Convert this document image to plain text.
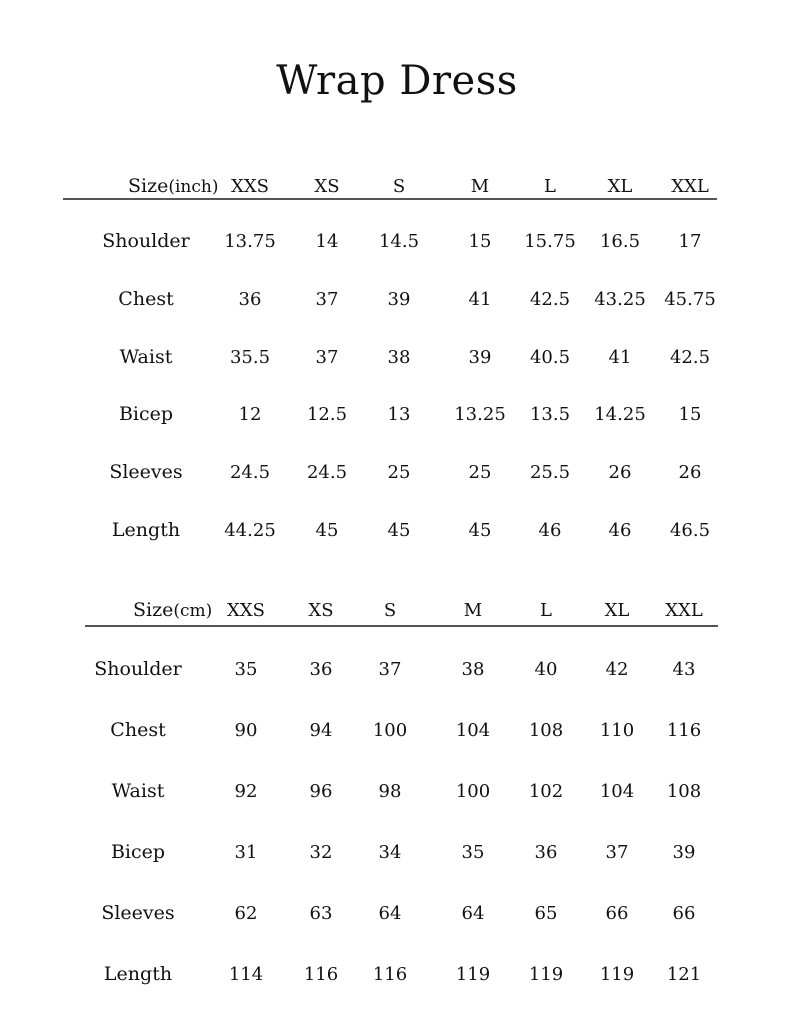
Wrap Dress
Size(inch) XXS	XS	S	M	L	XL XXL
Shoulder 13.75 14 14.5	15 15.75 16.5 17
Chest	36	37	39	41 42.5 43.25 45.75
Waist	35.5	37	38	39 40.5 41 42.5
Bicep	12	12.5 13 13.25 13.5 14.25 15
Sleeves	24.5 24.5 25	25 25.5 26	26
Length 44.25 45	45	45	46	46 46.5
Size(cm) XXS XS	S	M	L	XL XXL
Shoulder	35	36	37	38	40	42 43
Chest	90	94 100	104 108 110 116
Waist	92	96	98	100 102 104 108
Bicep	31	32	34	35	36	37 39
Sleeves	62	63	64	64	65	66 66
Length	114 116 116	119 119 119 121
